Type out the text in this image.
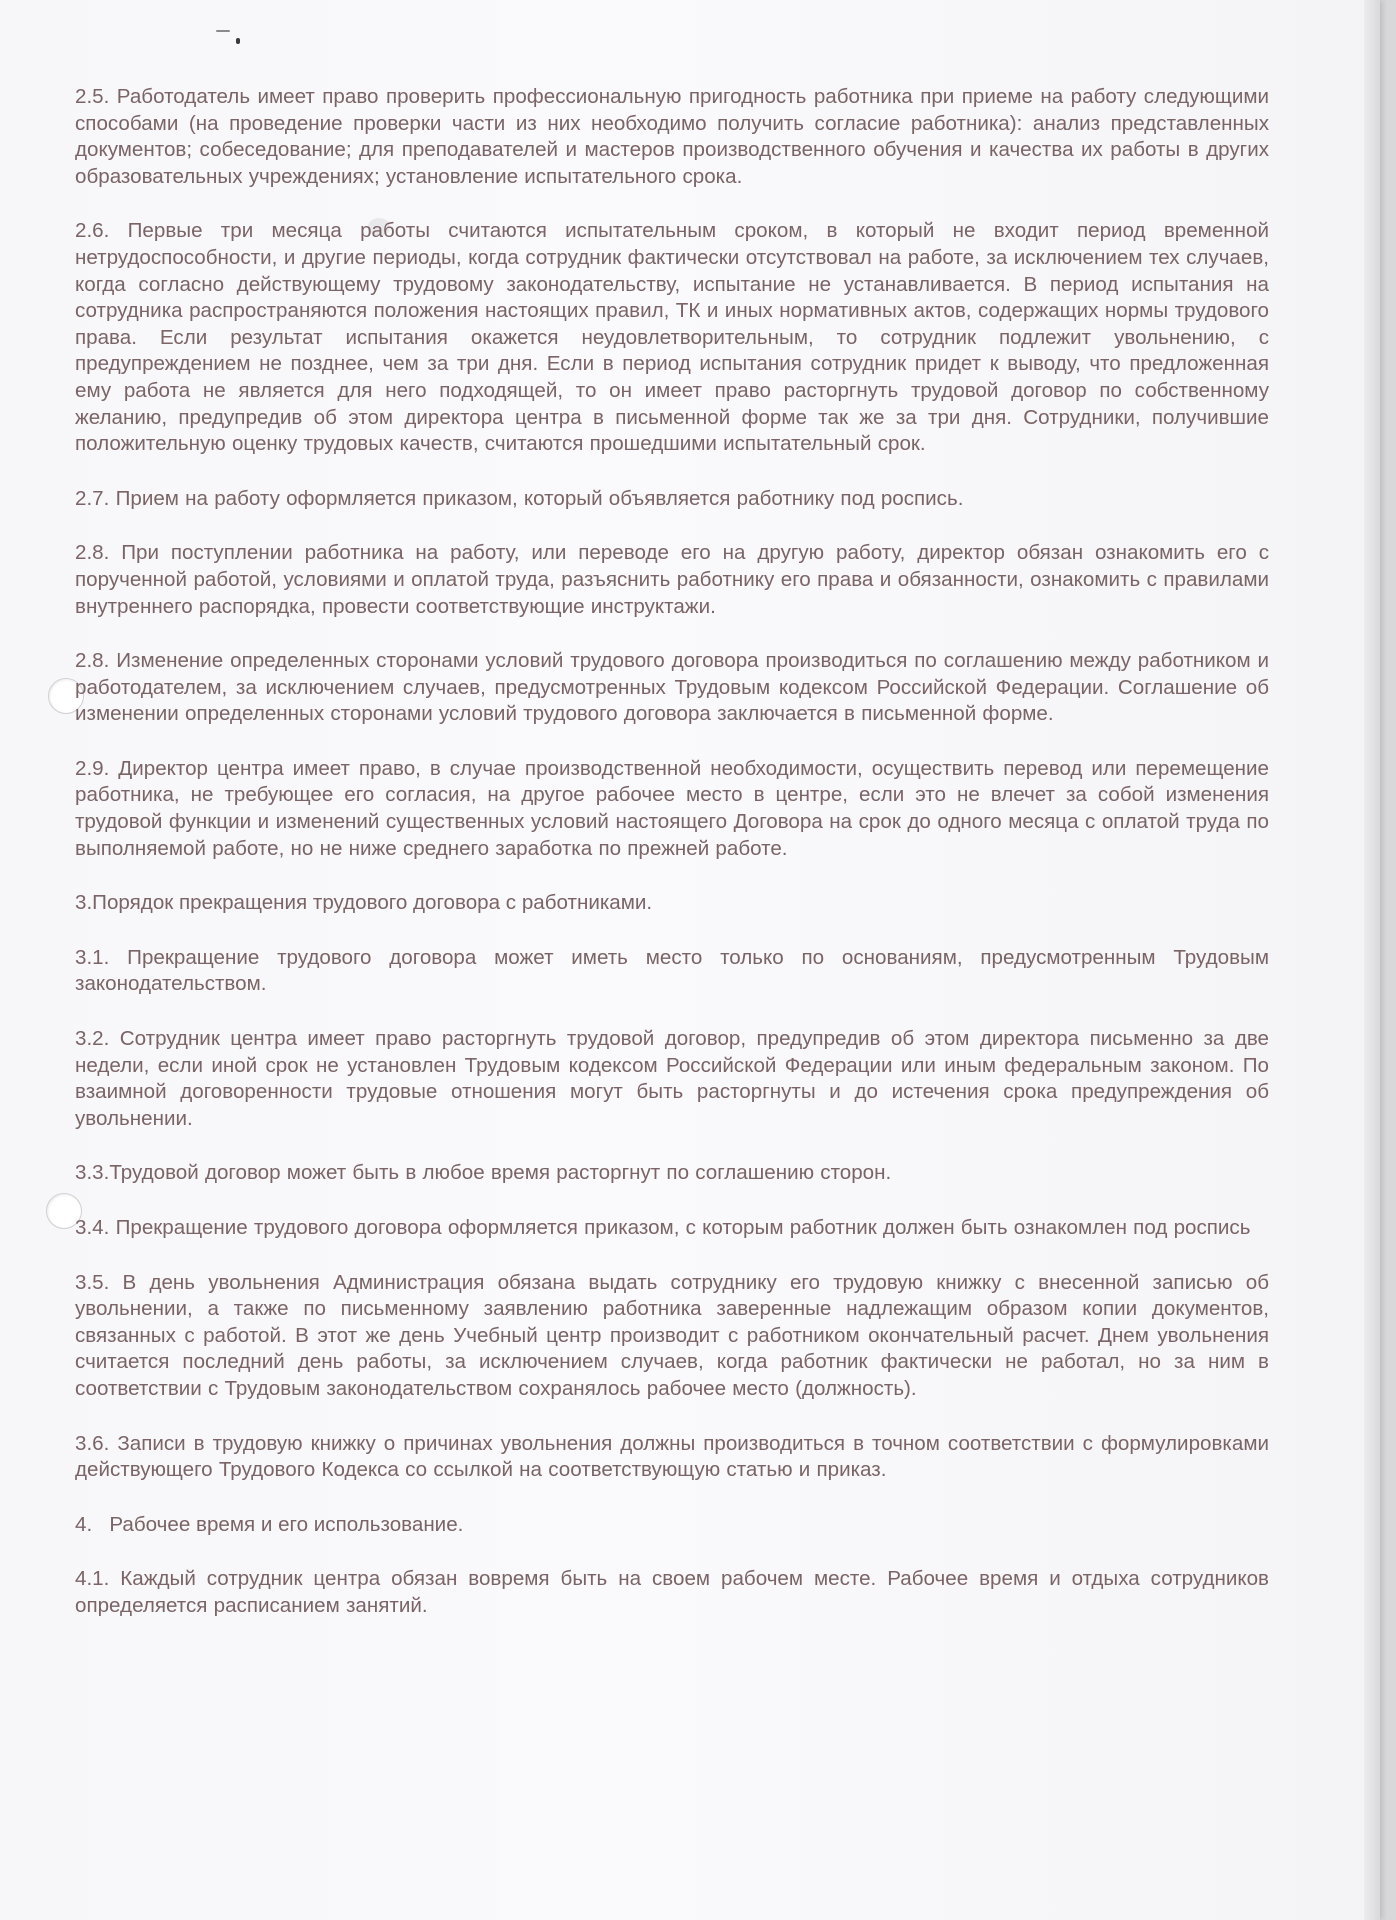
2.5. Работодатель имеет право проверить профессиональную пригодность работника при приеме на работу следующими способами (на проведение проверки части из них необходимо получить согласие работника): анализ представленных документов; собеседование; для преподавателей и мастеров производственного обучения и качества их работы в других образовательных учреждениях; установление испытательного срока.

2.6. Первые три месяца работы считаются испытательным сроком, в который не входит период временной нетрудоспособности, и другие периоды, когда сотрудник фактически отсутствовал на работе, за исключением тех случаев, когда согласно действующему трудовому законодательству, испытание не устанавливается. В период испытания на сотрудника распространяются положения настоящих правил, ТК и иных нормативных актов, содержащих нормы трудового права. Если результат испытания окажется неудовлетворительным, то сотрудник подлежит увольнению, с предупреждением не позднее, чем за три дня. Если в период испытания сотрудник придет к выводу, что предложенная ему работа не является для него подходящей, то он имеет право расторгнуть трудовой договор по собственному желанию, предупредив об этом директора центра в письменной форме так же за три дня. Сотрудники, получившие положительную оценку трудовых качеств, считаются прошедшими испытательный срок.

2.7. Прием на работу оформляется приказом, который объявляется работнику под роспись.

2.8. При поступлении работника на работу, или переводе его на другую работу, директор обязан ознакомить его с порученной работой, условиями и оплатой труда, разъяснить работнику его права и обязанности, ознакомить с правилами внутреннего распорядка, провести соответствующие инструктажи.

2.8. Изменение определенных сторонами условий трудового договора производиться по соглашению между работником и работодателем, за исключением случаев, предусмотренных Трудовым кодексом Российской Федерации. Соглашение об изменении определенных сторонами условий трудового договора заключается в письменной форме.

2.9. Директор центра имеет право, в случае производственной необходимости, осуществить перевод или перемещение работника, не требующее его согласия, на другое рабочее место в центре, если это не влечет за собой изменения трудовой функции и изменений существенных условий настоящего Договора на срок до одного месяца с оплатой труда по выполняемой работе, но не ниже среднего заработка по прежней работе.

3.Порядок прекращения трудового договора с работниками.

3.1. Прекращение трудового договора может иметь место только по основаниям, предусмотренным Трудовым законодательством.

3.2. Сотрудник центра имеет право расторгнуть трудовой договор, предупредив об этом директора письменно за две недели, если иной срок не установлен Трудовым кодексом Российской Федерации или иным федеральным законом. По взаимной договоренности трудовые отношения могут быть расторгнуты и до истечения срока предупреждения об увольнении.

3.3.Трудовой договор может быть в любое время расторгнут по соглашению сторон.

3.4. Прекращение трудового договора оформляется приказом, с которым работник должен быть ознакомлен под роспись

3.5. В день увольнения Администрация обязана выдать сотруднику его трудовую книжку с внесенной записью об увольнении, а также по письменному заявлению работника заверенные надлежащим образом копии документов, связанных с работой. В этот же день Учебный центр производит с работником окончательный расчет. Днем увольнения считается последний день работы, за исключением случаев, когда работник фактически не работал, но за ним в соответствии с Трудовым законодательством сохранялось рабочее место (должность).

3.6. Записи в трудовую книжку о причинах увольнения должны производиться в точном соответствии с формулировками действующего Трудового Кодекса со ссылкой на соответствующую статью и приказ.

4.   Рабочее время и его использование.

4.1. Каждый сотрудник центра обязан вовремя быть на своем рабочем месте. Рабочее время и отдыха сотрудников определяется расписанием занятий.
